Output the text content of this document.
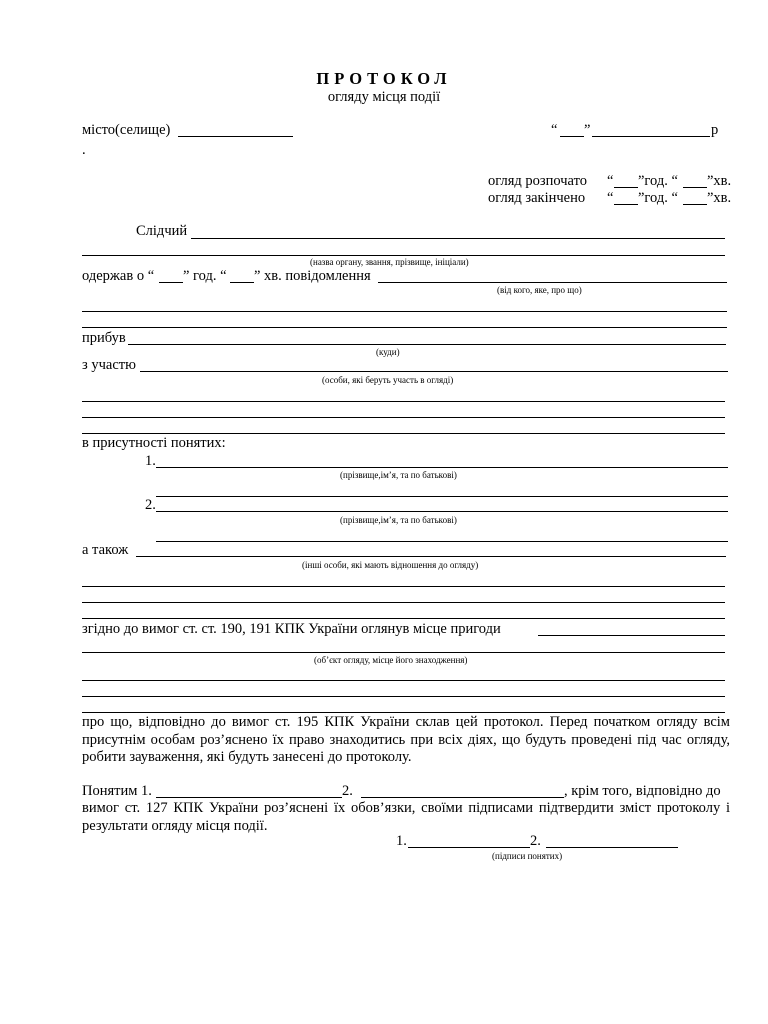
ПРОТОКОЛ
огляду місця події
місто(селище)
.
“ ”	р
огляд розпочато “ ”год. “ ”хв.
огляд закінчено “ ”год. “ ”хв.
Слідчий
(назва органу, звання, прізвище, ініціали)
одержав о “ ” год. “ ” хв. повідомлення
(від кого, яке, про що)
прибув
(куди)
з участю
(особи, які беруть участь в огляді)
в присутності понятих:
1.
(прізвище,ім’я, та по батькові)
2.
(прізвище,ім’я, та по батькові)
а також
(інші особи, які мають відношення до огляду)
згідно до вимог ст. ст. 190, 191 КПК України оглянув місце пригоди
(об’єкт огляду, місце його знаходження)
про що, відповідно до вимог ст. 195 КПК України склав цей протокол. Перед початком огляду всім присутнім особам роз’яснено їх право знаходитись при всіх діях, що будуть проведені під час огляду, робити зауваження, які будуть занесені до протоколу.
Понятим 1.	2.	, крім того, відповідно до
вимог ст. 127 КПК України роз’яснені їх обов’язки, своїми підписами підтвердити зміст протоколу і результати огляду місця події.
1.	2.
(підписи понятих)
